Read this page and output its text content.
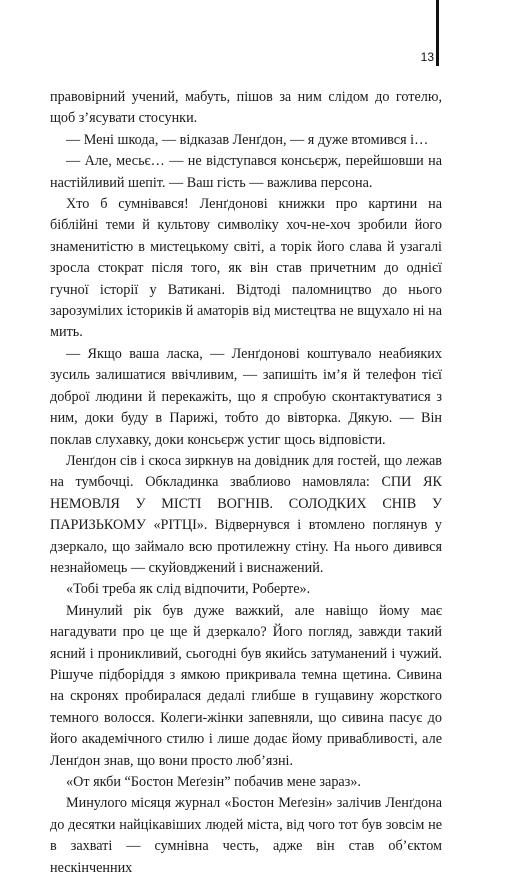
13

правовірний учений, мабуть, пішов за ним слідом до готелю, щоб з’ясувати стосунки.

— Мені шкода, — відказав Ленґдон, — я дуже втомився і…

— Але, месьє… — не відступався консьєрж, перейшовши на настійливий шепіт. — Ваш гість — важлива персона.

Хто б сумнівався! Ленґдонові книжки про картини на біблійні теми й культову символіку хоч-не-хоч зробили його знаменитістю в мистецькому світі, а торік його слава й узагалі зросла стократ після того, як він став причетним до однієї гучної історії у Ватикані. Відтоді паломництво до нього зарозумілих істориків й аматорів від мистецтва не вщухало ні на мить.

— Якщо ваша ласка, — Ленґдонові коштувало неабияких зусиль залишатися ввічливим, — запишіть ім’я й телефон тієї доброї людини й перекажіть, що я спробую сконтактуватися з ним, доки буду в Парижі, тобто до вівторка. Дякую. — Він поклав слухавку, доки консьєрж устиг щось відповісти.

Ленґдон сів і скоса зиркнув на довідник для гостей, що лежав на тумбочці. Обкладинка зваблиово намовляла: СПИ ЯК НЕМОВЛЯ У МІСТІ ВОГНІВ. СОЛОДКИХ СНІВ У ПАРИЗЬКОМУ «РІТЦІ». Відвернувся і втомлено поглянув у дзеркало, що займало всю протилежну стіну. На нього дивився незнайомець — скуйовджений і виснажений.

«Тобі треба як слід відпочити, Роберте».

Минулий рік був дуже важкий, але навіщо йому має нагадувати про це ще й дзеркало? Його погляд, завжди такий ясний і проникливий, сьогодні був якийсь затуманений і чужий. Рішуче підборіддя з ямкою прикривала темна щетина. Сивина на скронях пробиралася дедалі глибше в гущавину жорсткого темного волосся. Колеги-жінки запевняли, що сивина пасує до його академічного стилю і лише додає йому привабливості, але Ленґдон знав, що вони просто люб’язні.

«От якби “Бостон Меґезін” побачив мене зараз».

Минулого місяця журнал «Бостон Меґезін» залічив Ленґдона до десятки найцікавіших людей міста, від чого тот був зовсім не в захваті — сумнівна честь, адже він став об’єктом нескінченних
